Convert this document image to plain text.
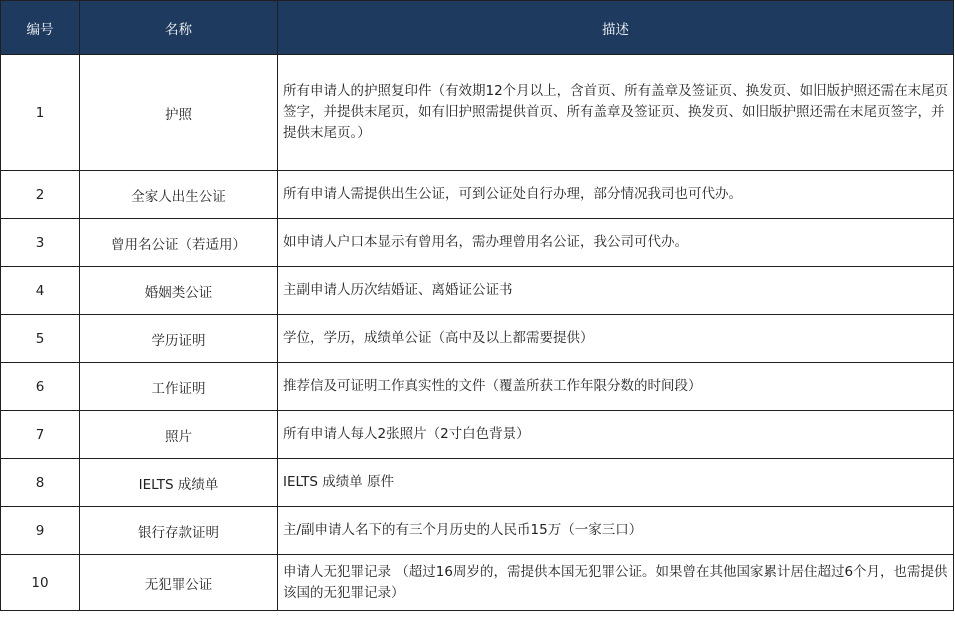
编号	名称	描述
1	护照	所有申请人的护照复印件（有效期12个月以上，含首页、所有盖章及签证页、换发页、如旧版护照还需在末尾页签字，并提供末尾页，如有旧护照需提供首页、所有盖章及签证页、换发页、如旧版护照还需在末尾页签字，并提供末尾页。）
2	全家人出生公证	所有申请人需提供出生公证，可到公证处自行办理，部分情况我司也可代办。
3	曾用名公证（若适用）	如申请人户口本显示有曾用名，需办理曾用名公证，我公司可代办。
4	婚姻类公证	主副申请人历次结婚证、离婚证公证书
5	学历证明	学位，学历，成绩单公证（高中及以上都需要提供）
6	工作证明	推荐信及可证明工作真实性的文件（覆盖所获工作年限分数的时间段）
7	照片	所有申请人每人2张照片（2寸白色背景）
8	IELTS 成绩单	IELTS 成绩单 原件
9	银行存款证明	主/副申请人名下的有三个月历史的人民币15万（一家三口）
10	无犯罪公证	申请人无犯罪记录 （超过16周岁的，需提供本国无犯罪公证。如果曾在其他国家累计居住超过6个月，也需提供该国的无犯罪记录）
